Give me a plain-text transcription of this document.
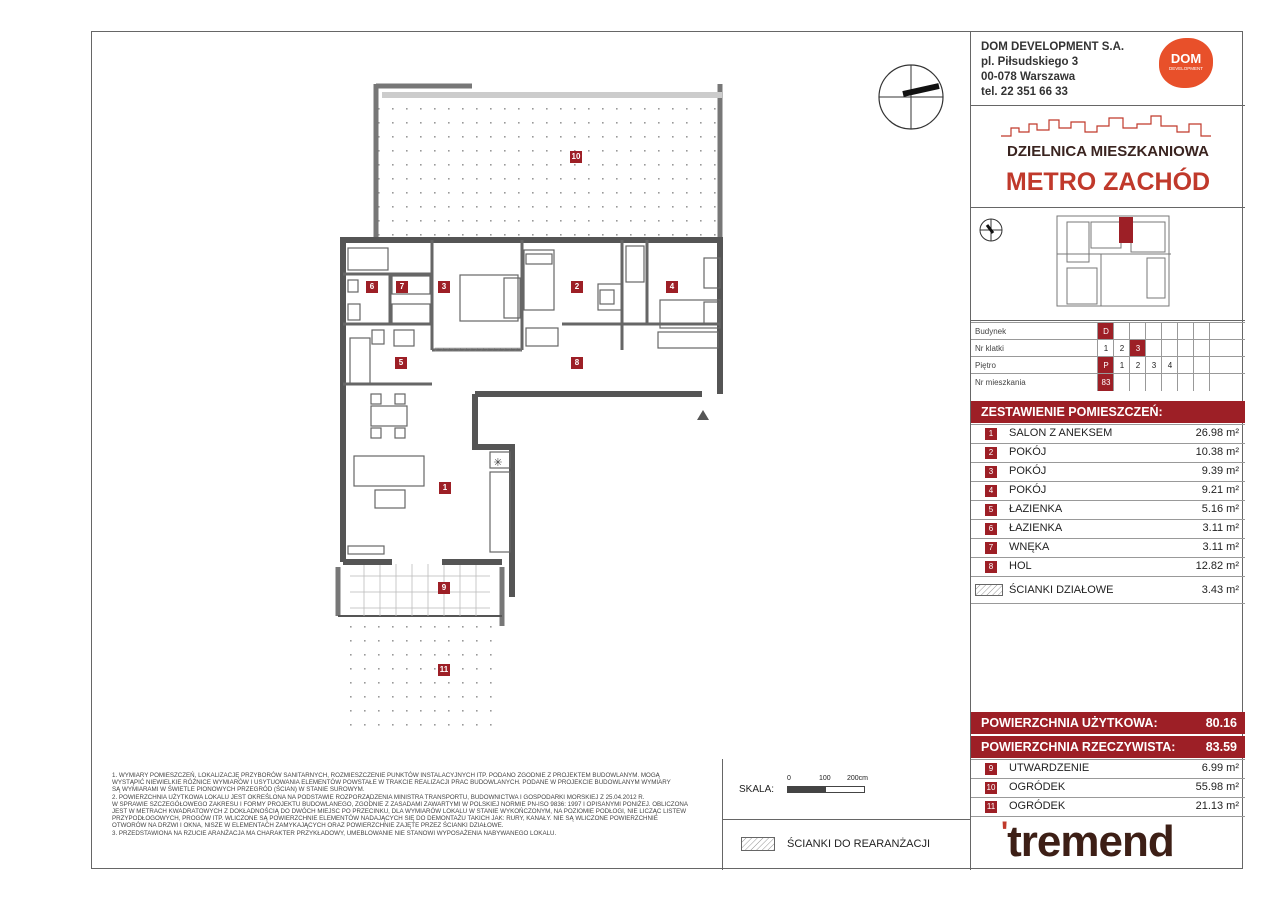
✳
1
2
3	4
5
6	7
8
9
10
11
1. WYMIARY POMIESZCZEŃ, LOKALIZACJĘ PRZYBORÓW SANITARNYCH, ROZMIESZCZENIE PUNKTÓW INSTALACYJNYCH ITP. PODANO ZGODNIE Z PROJEKTEM BUDOWLANYM. MOGĄ
WYSTĄPIĆ NIEWIELKIE RÓŻNICE WYMIARÓW I USYTUOWANIA ELEMENTÓW POWSTAŁE W TRAKCIE REALIZACJI PRAC BUDOWLANYCH. PODANE W PROJEKCIE BUDOWLANYM WYMIARY
SĄ WYMIARAMI W ŚWIETLE PIONOWYCH PRZEGRÓD (ŚCIAN) W STANIE SUROWYM.
2. POWIERZCHNIA UŻYTKOWA LOKALU JEST OKREŚLONA NA PODSTAWIE ROZPORZĄDZENIA MINISTRA TRANSPORTU, BUDOWNICTWA I GOSPODARKI MORSKIEJ Z 25.04.2012 R.
W SPRAWIE SZCZEGÓŁOWEGO ZAKRESU I FORMY PROJEKTU BUDOWLANEGO, ZGODNIE Z ZASADAMI ZAWARTYMI W POLSKIEJ NORMIE PN-ISO 9836: 1997 I OPISANYMI PONIŻEJ. OBLICZONA
JEST W METRACH KWADRATOWYCH Z DOKŁADNOŚCIĄ DO DWÓCH MIEJSC PO PRZECINKU, DLA WYMIARÓW LOKALU W STANIE WYKOŃCZONYM, NA POZIOMIE PODŁOGI, NIE LICZĄC LISTEW
PRZYPODŁOGOWYCH, PROGÓW ITP. WLICZONE SĄ POWIERZCHNIE ELEMENTÓW NADAJĄCYCH SIĘ DO DEMONTAŻU TAKICH JAK: RURY, KANAŁY. NIE SĄ WLICZONE POWIERZCHNIE
OTWORÓW NA DRZWI I OKNA, NISZE W ELEMENTACH ZAMYKAJĄCYCH ORAZ POWIERZCHNIE ZAJĘTE PRZEZ ŚCIANKI DZIAŁOWE.
3. PRZEDSTAWIONA NA RZUCIE ARANŻACJA MA CHARAKTER PRZYKŁADOWY, UMEBLOWANIE NIE STANOWI WYPOSAŻENIA NABYWANEGO LOKALU.
SKALA:
0	100 200cm
ŚCIANKI DO REARANŻACJI
DOM DEVELOPMENT S.A.
pl. Piłsudskiego 3
00-078 Warszawa
tel. 22 351 66 33
DOM
DEVELOPMENT
DZIELNICA MIESZKANIOWA
METRO ZACHÓD
Budynek	D
Nr klatki	1	2	3
Piętro	P	1	2	3	4
Nr mieszkania	83
ZESTAWIENIE POMIESZCZEŃ:
1	SALON Z ANEKSEM	26.98 m²
2	POKÓJ	10.38 m²
3	POKÓJ	9.39 m²
4	POKÓJ	9.21 m²
5	ŁAZIENKA	5.16 m²
6	ŁAZIENKA	3.11 m²
7	WNĘKA	3.11 m²
8	HOL	12.82 m²
ŚCIANKI DZIAŁOWE	3.43 m²
POWIERZCHNIA UŻYTKOWA:	80.16
POWIERZCHNIA RZECZYWISTA: 83.59
9	UTWARDZENIE	6.99 m²
10 OGRÓDEK	55.98 m²
11 OGRÓDEK	21.13 m²
'tremend
